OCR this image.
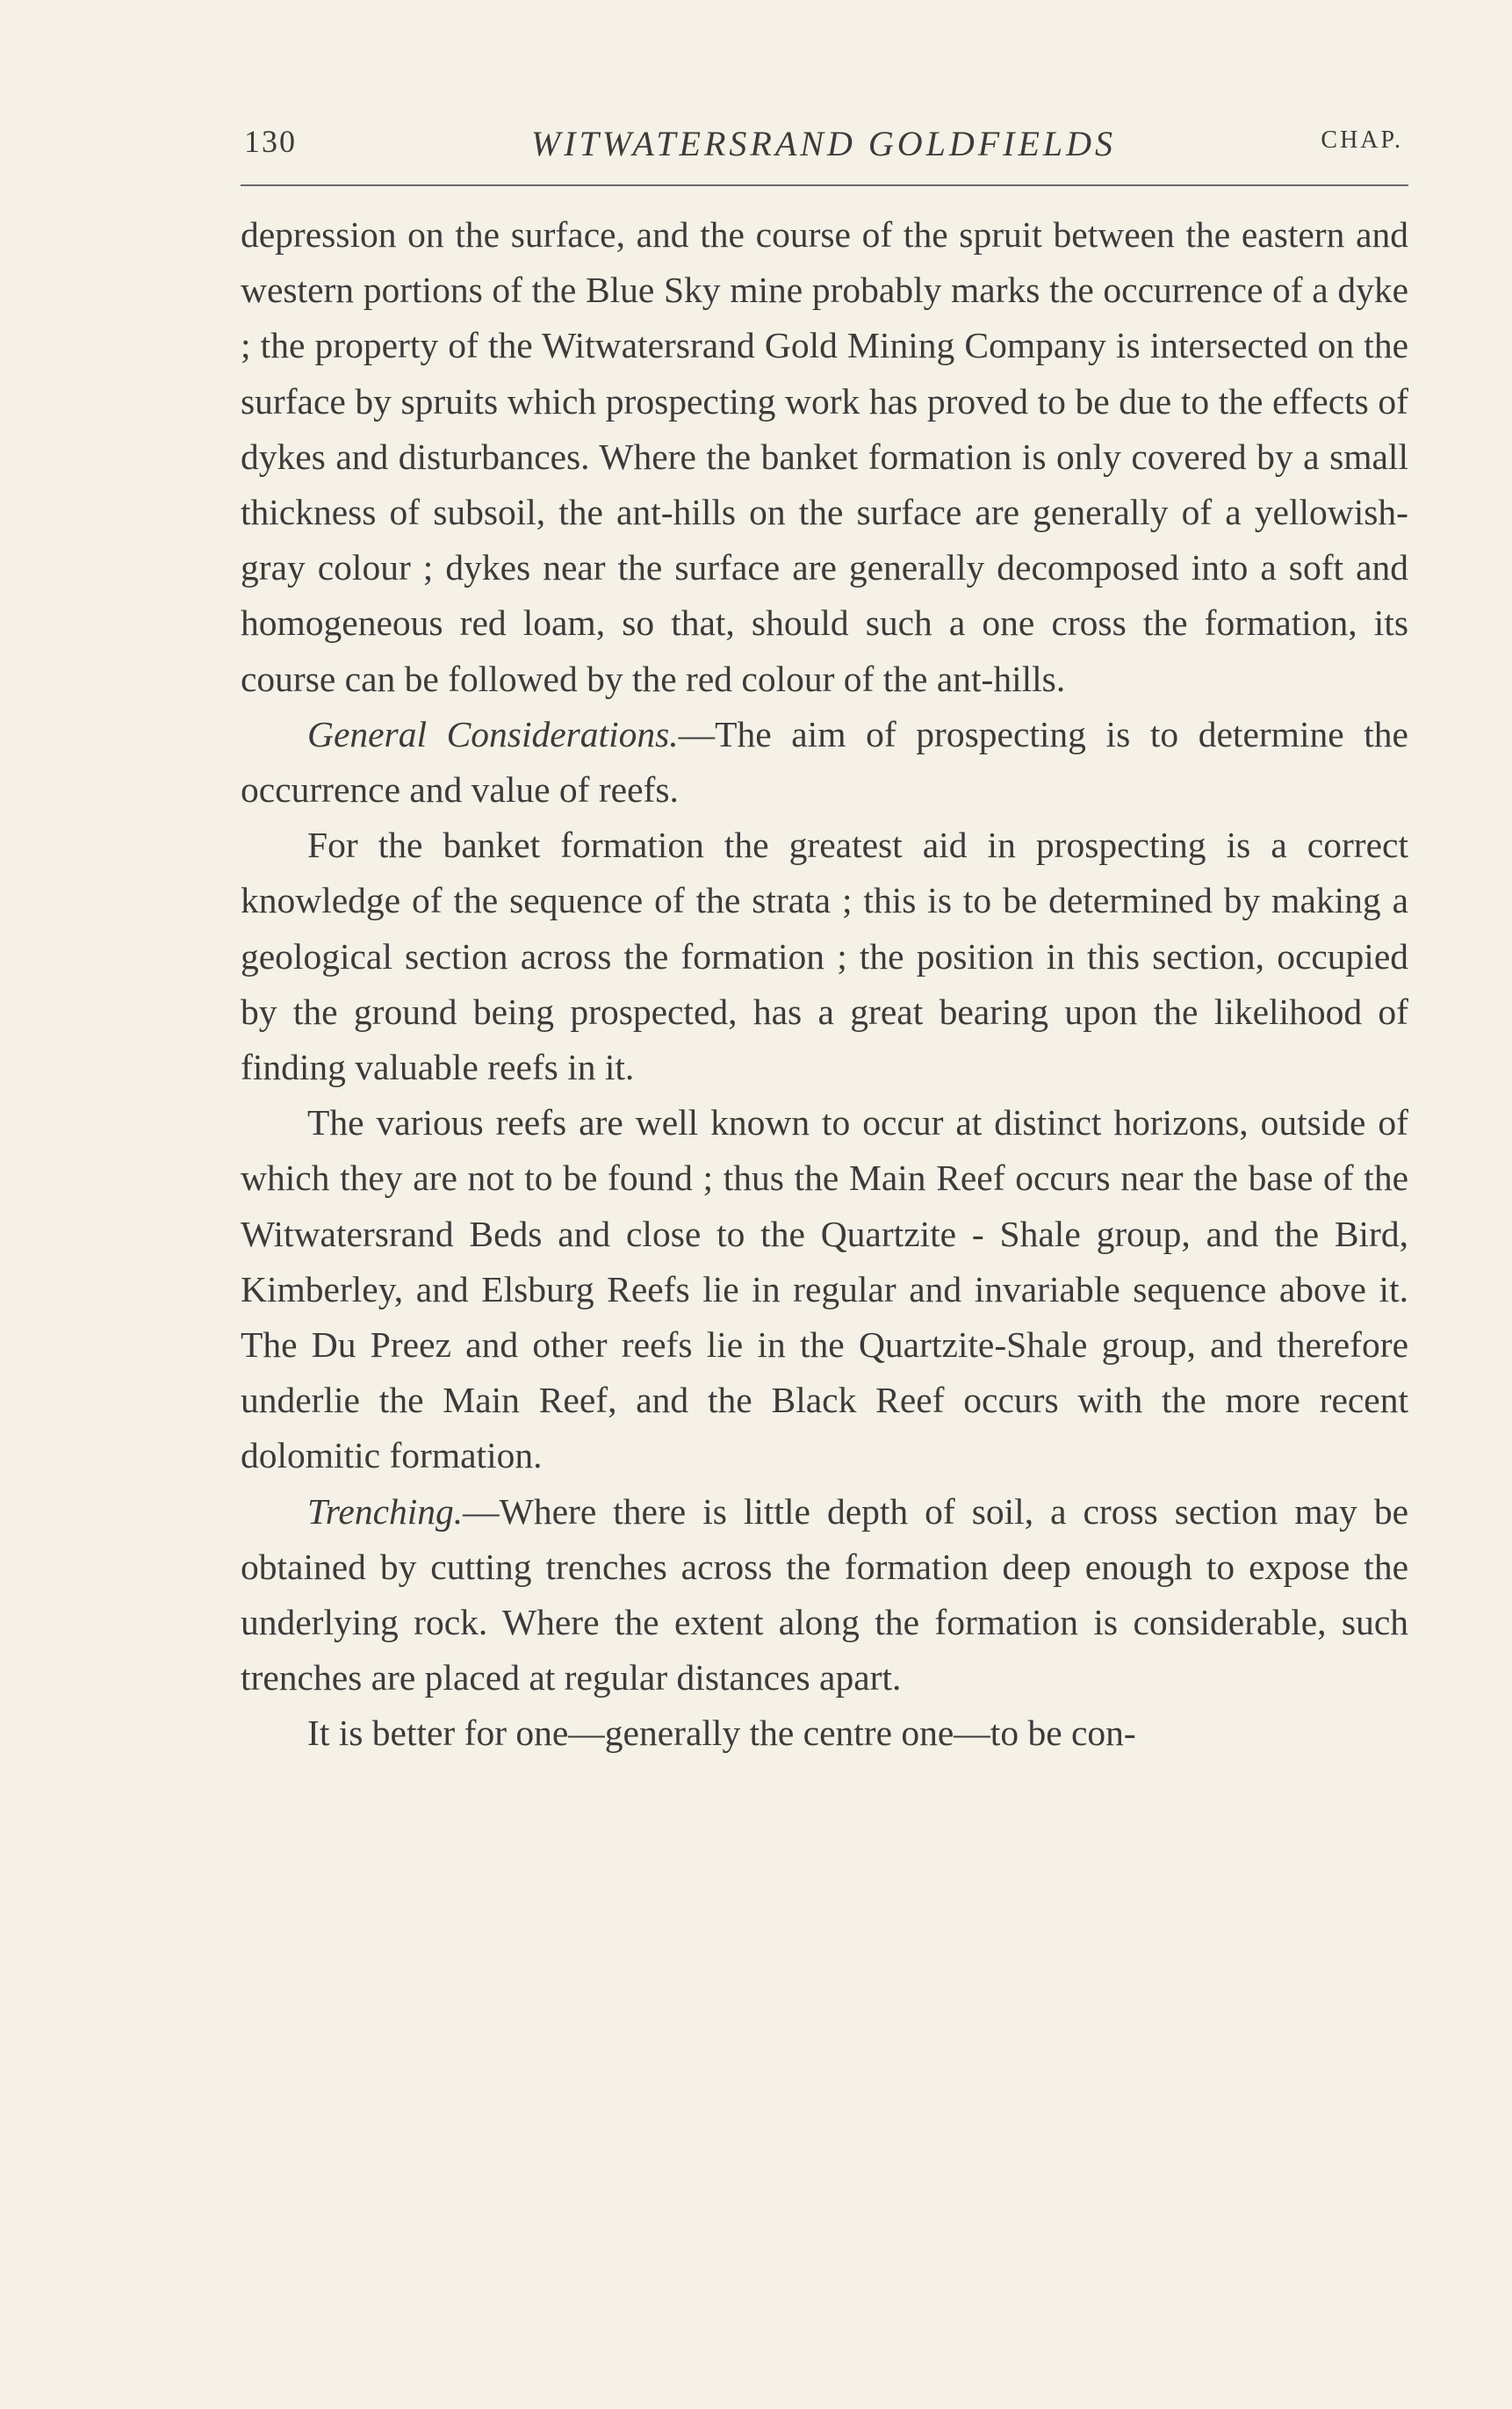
130	WITWATERSRAND GOLDFIELDS	CHAP.

depression on the surface, and the course of the spruit between the eastern and western portions of the Blue Sky mine probably marks the occurrence of a dyke ; the property of the Witwatersrand Gold Mining Company is intersected on the surface by spruits which prospecting work has proved to be due to the effects of dykes and disturbances. Where the banket formation is only covered by a small thickness of subsoil, the ant-hills on the surface are generally of a yellowish-gray colour ; dykes near the surface are generally decomposed into a soft and homogeneous red loam, so that, should such a one cross the formation, its course can be followed by the red colour of the ant-hills.

General Considerations.—The aim of prospecting is to determine the occurrence and value of reefs.

For the banket formation the greatest aid in prospecting is a correct knowledge of the sequence of the strata ; this is to be determined by making a geological section across the formation ; the position in this section, occupied by the ground being prospected, has a great bearing upon the likelihood of finding valuable reefs in it.

The various reefs are well known to occur at distinct horizons, outside of which they are not to be found ; thus the Main Reef occurs near the base of the Witwatersrand Beds and close to the Quartzite - Shale group, and the Bird, Kimberley, and Elsburg Reefs lie in regular and invariable sequence above it. The Du Preez and other reefs lie in the Quartzite-Shale group, and therefore underlie the Main Reef, and the Black Reef occurs with the more recent dolomitic formation.

Trenching.—Where there is little depth of soil, a cross section may be obtained by cutting trenches across the formation deep enough to expose the underlying rock. Where the extent along the formation is considerable, such trenches are placed at regular distances apart.

It is better for one—generally the centre one—to be con-
